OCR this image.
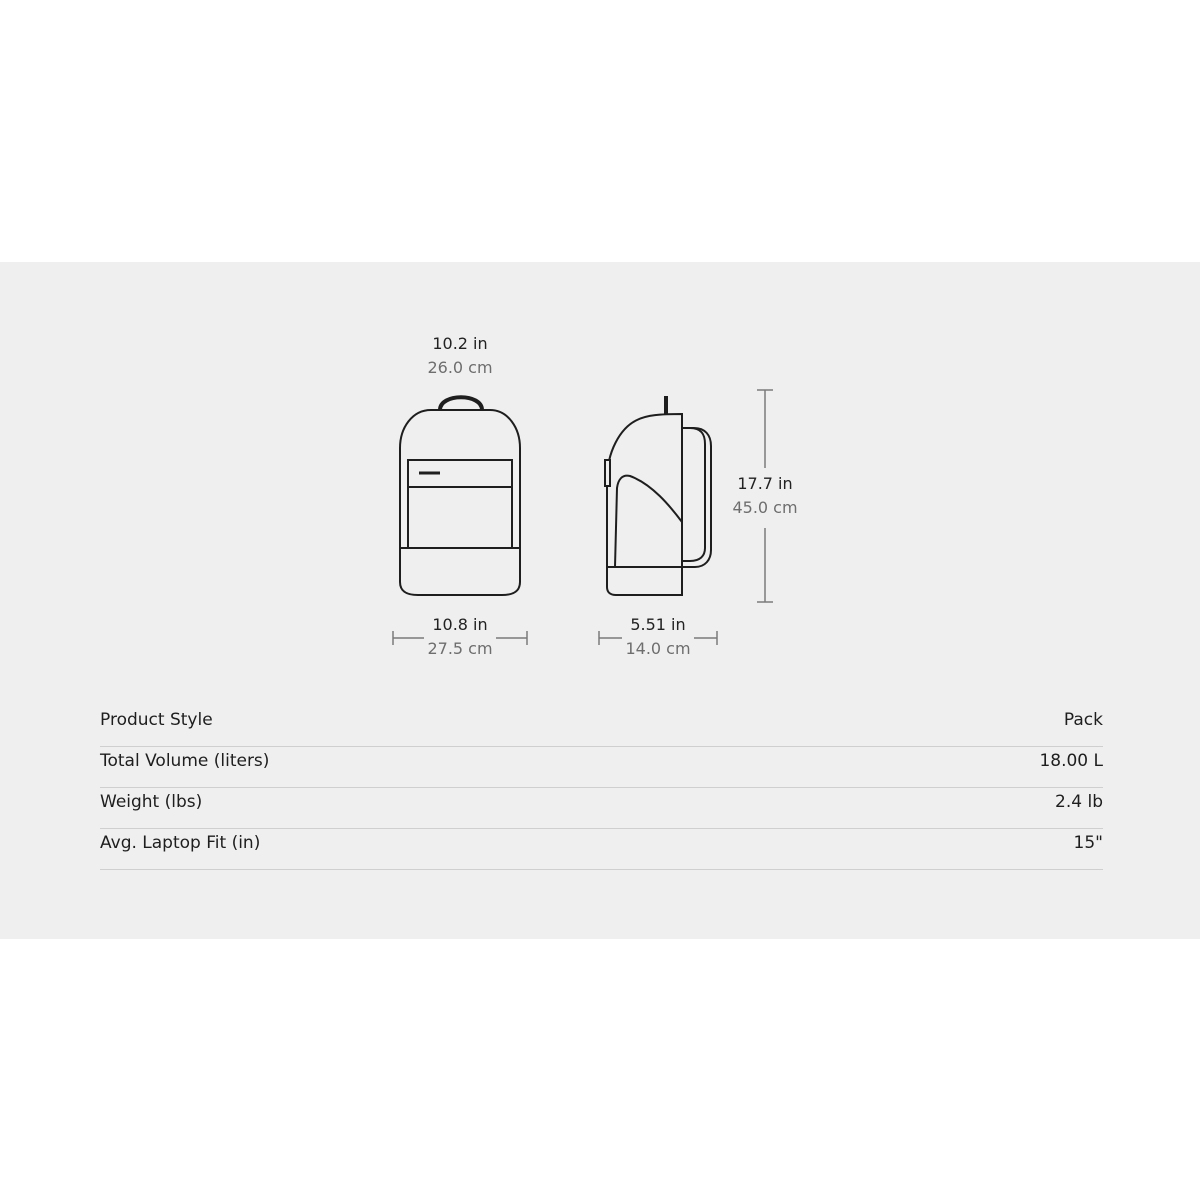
10.2 in
26.0 cm
10.8 in
27.5 cm
5.51 in
14.0 cm
17.7 in
45.0 cm
Product Style	Pack
Total Volume (liters)	18.00 L
Weight (lbs)	2.4 lb
Avg. Laptop Fit (in)	15"
